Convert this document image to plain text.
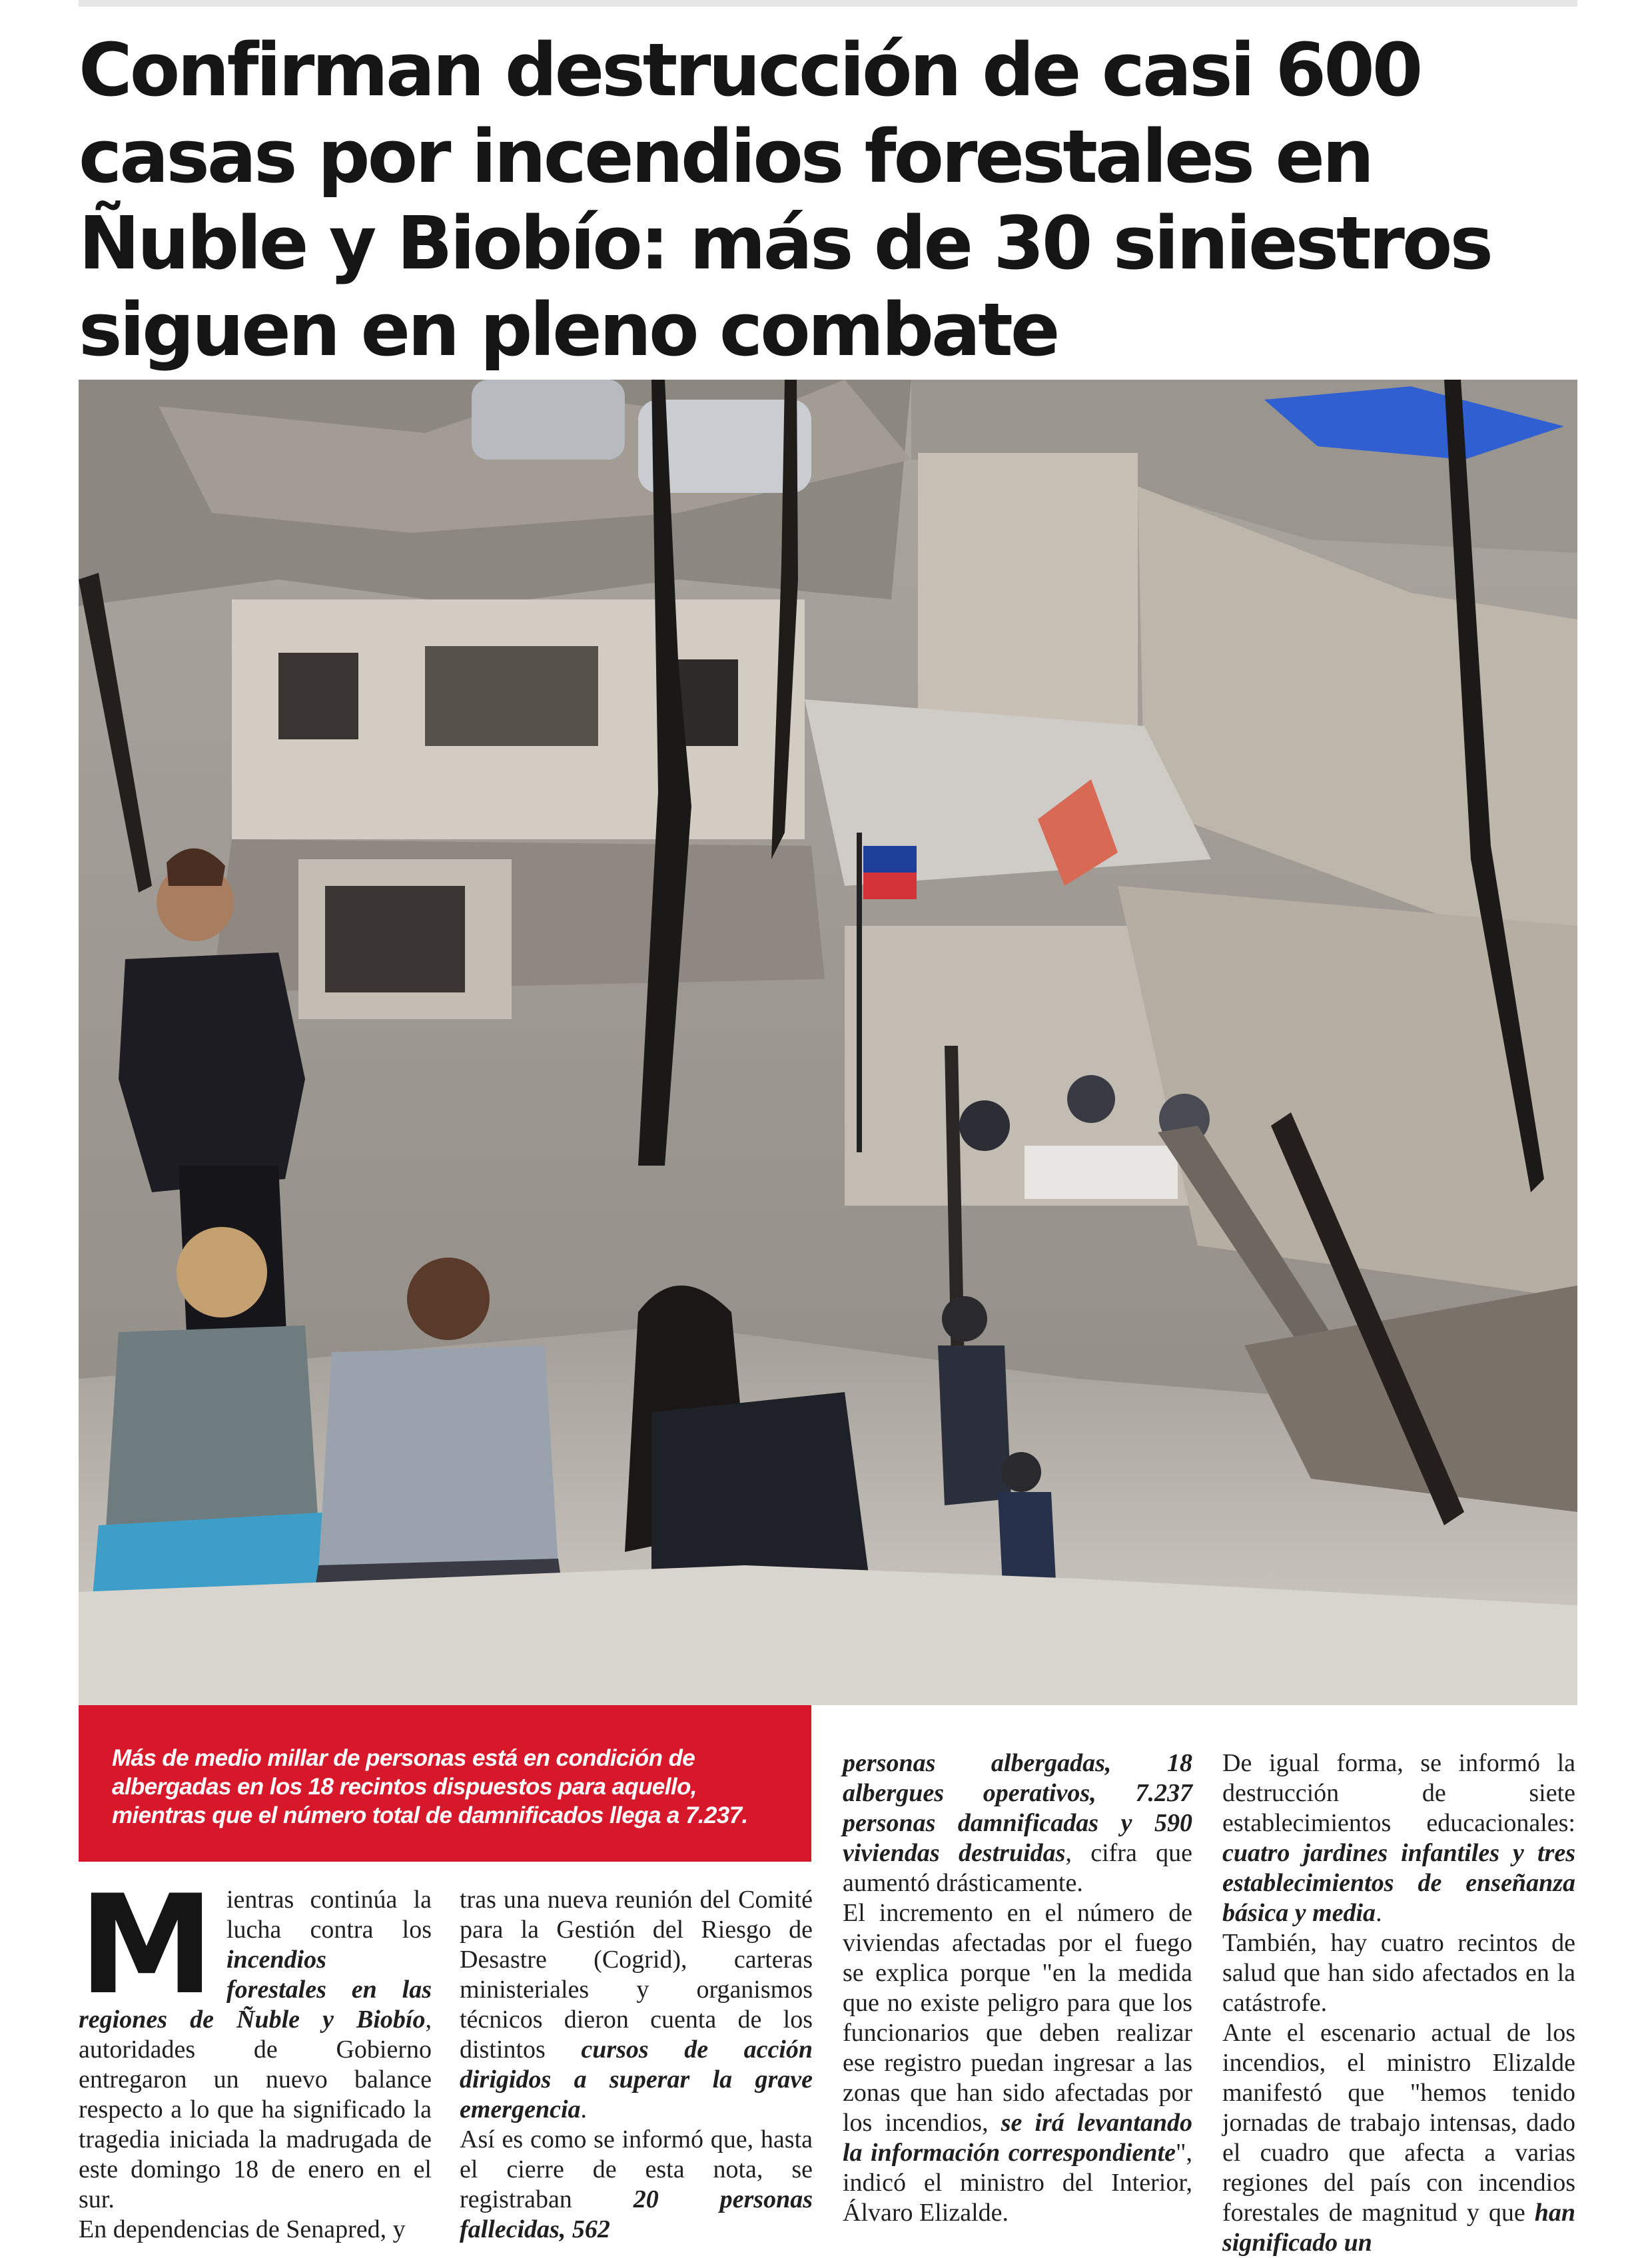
Confirman destrucción de casi 600 casas por incendios forestales en Ñuble y Biobío: más de 30 siniestros siguen en pleno combate

Más de medio millar de personas está en condición de albergadas en los 18 recintos dispuestos para aquello, mientras que el número total de damnificados llega a 7.237.

Mientras continúa la lucha contra los incendios forestales en las regiones de Ñuble y Biobío, autoridades de Gobierno entregaron un nuevo balance respecto a lo que ha significado la tragedia iniciada la madrugada de este domingo 18 de enero en el sur.

En dependencias de Senapred, y

tras una nueva reunión del Comité para la Gestión del Riesgo de Desastre (Cogrid), carteras ministeriales y organismos técnicos dieron cuenta de los distintos cursos de acción dirigidos a superar la grave emergencia.

Así es como se informó que, hasta el cierre de esta nota, se registraban 20 personas fallecidas, 562

personas albergadas, 18 albergues operativos, 7.237 personas damnificadas y 590 viviendas destruidas, cifra que aumentó drásticamente.

El incremento en el número de viviendas afectadas por el fuego se explica porque "en la medida que no existe peligro para que los funcionarios que deben realizar ese registro puedan ingresar a las zonas que han sido afectadas por los incendios, se irá levantando la información correspondiente", indicó el ministro del Interior, Álvaro Elizalde.

De igual forma, se informó la destrucción de siete establecimientos educacionales: cuatro jardines infantiles y tres establecimientos de enseñanza básica y media.

También, hay cuatro recintos de salud que han sido afectados en la catástrofe.

Ante el escenario actual de los incendios, el ministro Elizalde manifestó que "hemos tenido jornadas de trabajo intensas, dado el cuadro que afecta a varias regiones del país con incendios forestales de magnitud y que han significado un
